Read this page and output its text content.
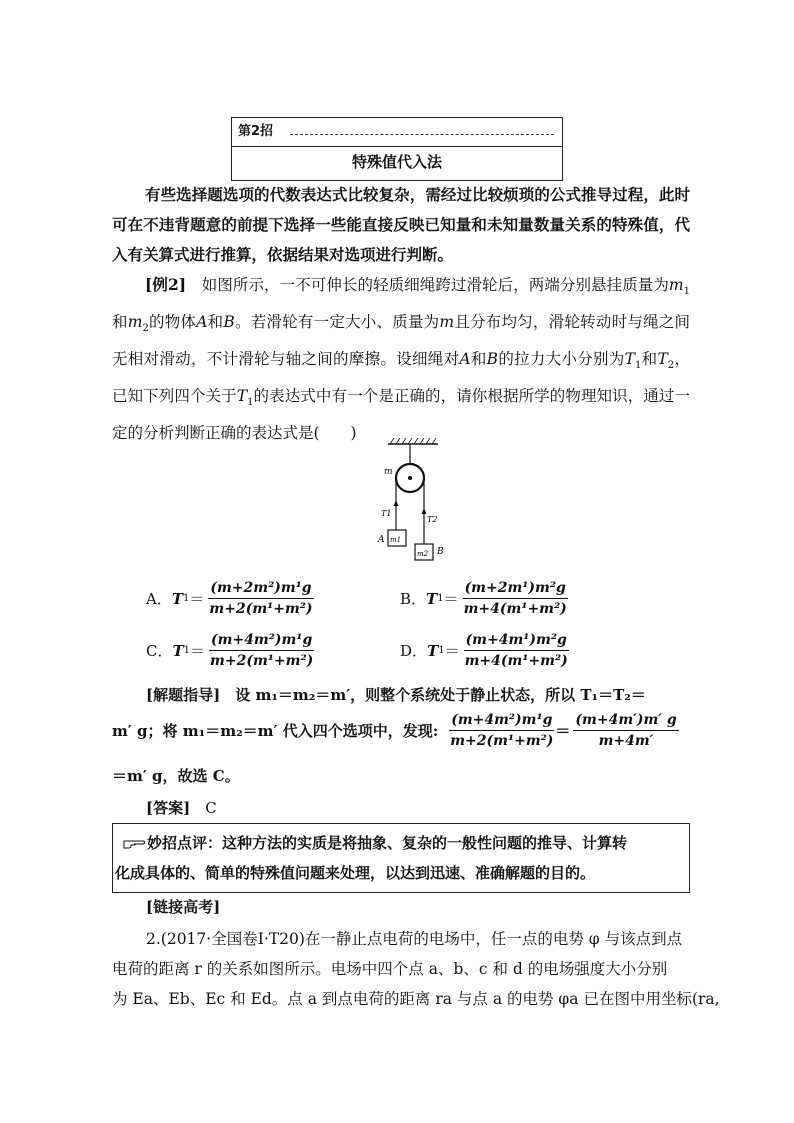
第2招
特殊值代入法
有些选择题选项的代数表达式比较复杂，需经过比较烦琐的公式推导过程，此时可在不违背题意的前提下选择一些能直接反映已知量和未知量数量关系的特殊值，代入有关算式进行推算，依据结果对选项进行判断。
[例2]　 如图所示，一不可伸长的轻质细绳跨过滑轮后，两端分别悬挂质量为$m_1$和$m_2$的物体A和B。若滑轮有一定大小、质量为m且分布均匀，滑轮转动时与绳之间无相对滑动，不计滑轮与轴之间的摩擦。设细绳对A和B的拉力大小分别为$T_1$和$T_2$，已知下列四个关于$T_1$的表达式中有一个是正确的，请你根据所学的物理知识，通过一定的分析判断正确的表达式是(　　)
m
T1
T2
A
B
m1
m2
A． T $1 = \frac{\text{(m+2m²)m¹g}}{\text{m+2(m¹+m²)}}$	B． T $1 = \frac{\text{(m+2m¹)m²g}}{\text{m+4(m¹+m²)}}$
C． T $1 = \frac{\text{(m+4m²)m¹g}}{\text{m+2(m¹+m²)}}$	D． T $1 = \frac{\text{(m+4m¹)m²g}}{\text{m+4(m¹+m²)}}$
[解题指导]　 设 m₁＝m₂＝m′，则整个系统处于静止状态，所以 T₁＝T₂＝
m′ g；将 m₁＝m₂＝m′ 代入四个选项中，发现: $\frac{\text{(m+4m²)m¹g}}{\text{m+2(m¹+m²)}} = \frac{(m+4m')m' g}{m+4m'}$
＝m′ g，故选 C。
[答案]　 C
妙招点评：这种方法的实质是将抽象、复杂的一般性问题的推导、计算转
化成具体的、简单的特殊值问题来处理，以达到迅速、准确解题的目的。
[链接高考]
2.(2017·全国卷Ⅰ·T20)在一静止点电荷的电场中，任一点的电势 φ 与该点到点
电荷的距离 r 的关系如图所示。电场中四个点 a、b、c 和 d 的电场强度大小分别
为 Ea、Eb、Ec 和 Ed。点 a 到点电荷的距离 ra 与点 a 的电势 φa 已在图中用坐标(ra,
